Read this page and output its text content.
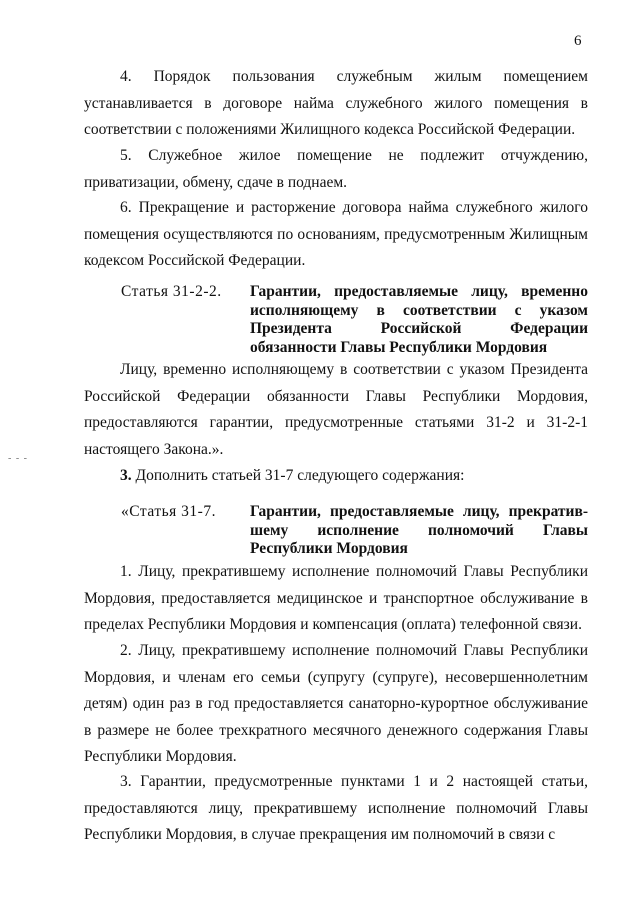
6

4. Порядок пользования служебным жилым помещением устанавливается в договоре найма служебного жилого помещения в соответствии с положениями Жилищного кодекса Российской Федерации.

5. Служебное жилое помещение не подлежит отчуждению, приватизации, обмену, сдаче в поднаем.

6. Прекращение и расторжение договора найма служебного жилого помещения осуществляются по основаниям, предусмотренным Жилищным кодексом Российской Федерации.

Статья 31-2-2. Гарантии, предоставляемые лицу, временно исполняющему в соответствии с указом Президента Российской Федерации обязанности Главы Республики Мордовия

Лицу, временно исполняющему в соответствии с указом Президента Российской Федерации обязанности Главы Республики Мордовия, предоставляются гарантии, предусмотренные статьями 31-2 и 31-2-1 настоящего Закона.».

3. Дополнить статьей 31-7 следующего содержания:

«Статья 31-7. Гарантии, предоставляемые лицу, прекратив- шему исполнение полномочий Главы Республики Мордовия

1. Лицу, прекратившему исполнение полномочий Главы Республики Мордовия, предоставляется медицинское и транспортное обслуживание в пределах Республики Мордовия и компенсация (оплата) телефонной связи.

2. Лицу, прекратившему исполнение полномочий Главы Республики Мордовия, и членам его семьи (супругу (супруге), несовершеннолетним детям) один раз в год предоставляется санаторно-курортное обслуживание в размере не более трехкратного месячного денежного содержания Главы Республики Мордовия.

3. Гарантии, предусмотренные пунктами 1 и 2 настоящей статьи, предоставляются лицу, прекратившему исполнение полномочий Главы Республики Мордовия, в случае прекращения им полномочий в связи с

- - -
